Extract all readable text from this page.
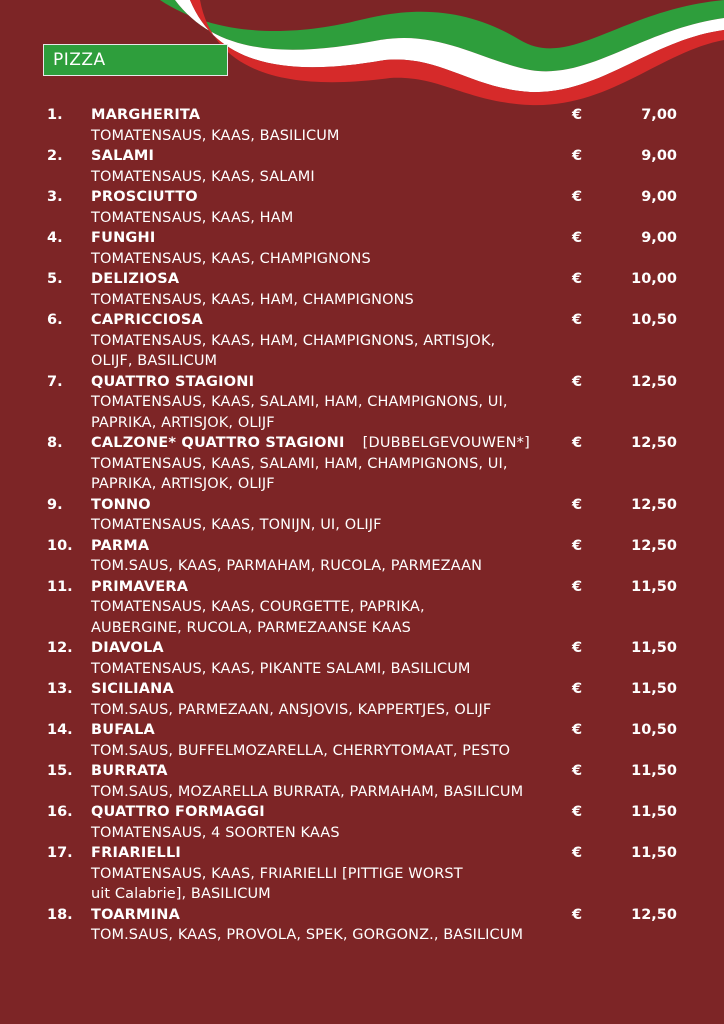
PIZZA
1. MARGHERITA	€	7,00
TOMATENSAUS, KAAS, BASILICUM
2. SALAMI	€	9,00
TOMATENSAUS, KAAS, SALAMI
3. PROSCIUTTO	€	9,00
TOMATENSAUS, KAAS, HAM
4. FUNGHI	€	9,00
TOMATENSAUS, KAAS, CHAMPIGNONS
5. DELIZIOSA	€	10,00
TOMATENSAUS, KAAS, HAM, CHAMPIGNONS
6. CAPRICCIOSA	€	10,50
TOMATENSAUS, KAAS, HAM, CHAMPIGNONS, ARTISJOK,
OLIJF, BASILICUM
7. QUATTRO STAGIONI	€	12,50
TOMATENSAUS, KAAS, SALAMI, HAM, CHAMPIGNONS, UI,
PAPRIKA, ARTISJOK, OLIJF
8. CALZONE* QUATTRO STAGIONI [DUBBELGEVOUWEN*]	€	12,50
TOMATENSAUS, KAAS, SALAMI, HAM, CHAMPIGNONS, UI,
PAPRIKA, ARTISJOK, OLIJF
9. TONNO	€	12,50
TOMATENSAUS, KAAS, TONIJN, UI, OLIJF
10. PARMA	€	12,50
TOM.SAUS, KAAS, PARMAHAM, RUCOLA, PARMEZAAN
11. PRIMAVERA	€	11,50
TOMATENSAUS, KAAS, COURGETTE, PAPRIKA,
AUBERGINE, RUCOLA, PARMEZAANSE KAAS
12. DIAVOLA	€	11,50
TOMATENSAUS, KAAS, PIKANTE SALAMI, BASILICUM
13. SICILIANA	€	11,50
TOM.SAUS, PARMEZAAN, ANSJOVIS, KAPPERTJES, OLIJF
14. BUFALA	€	10,50
TOM.SAUS, BUFFELMOZARELLA, CHERRYTOMAAT, PESTO
15. BURRATA	€	11,50
TOM.SAUS, MOZARELLA BURRATA, PARMAHAM, BASILICUM
16. QUATTRO FORMAGGI	€	11,50
TOMATENSAUS, 4 SOORTEN KAAS
17. FRIARIELLI	€	11,50
TOMATENSAUS, KAAS, FRIARIELLI [PITTIGE WORST
uit Calabrie], BASILICUM
18. TOARMINA	€	12,50
TOM.SAUS, KAAS, PROVOLA, SPEK, GORGONZ., BASILICUM
